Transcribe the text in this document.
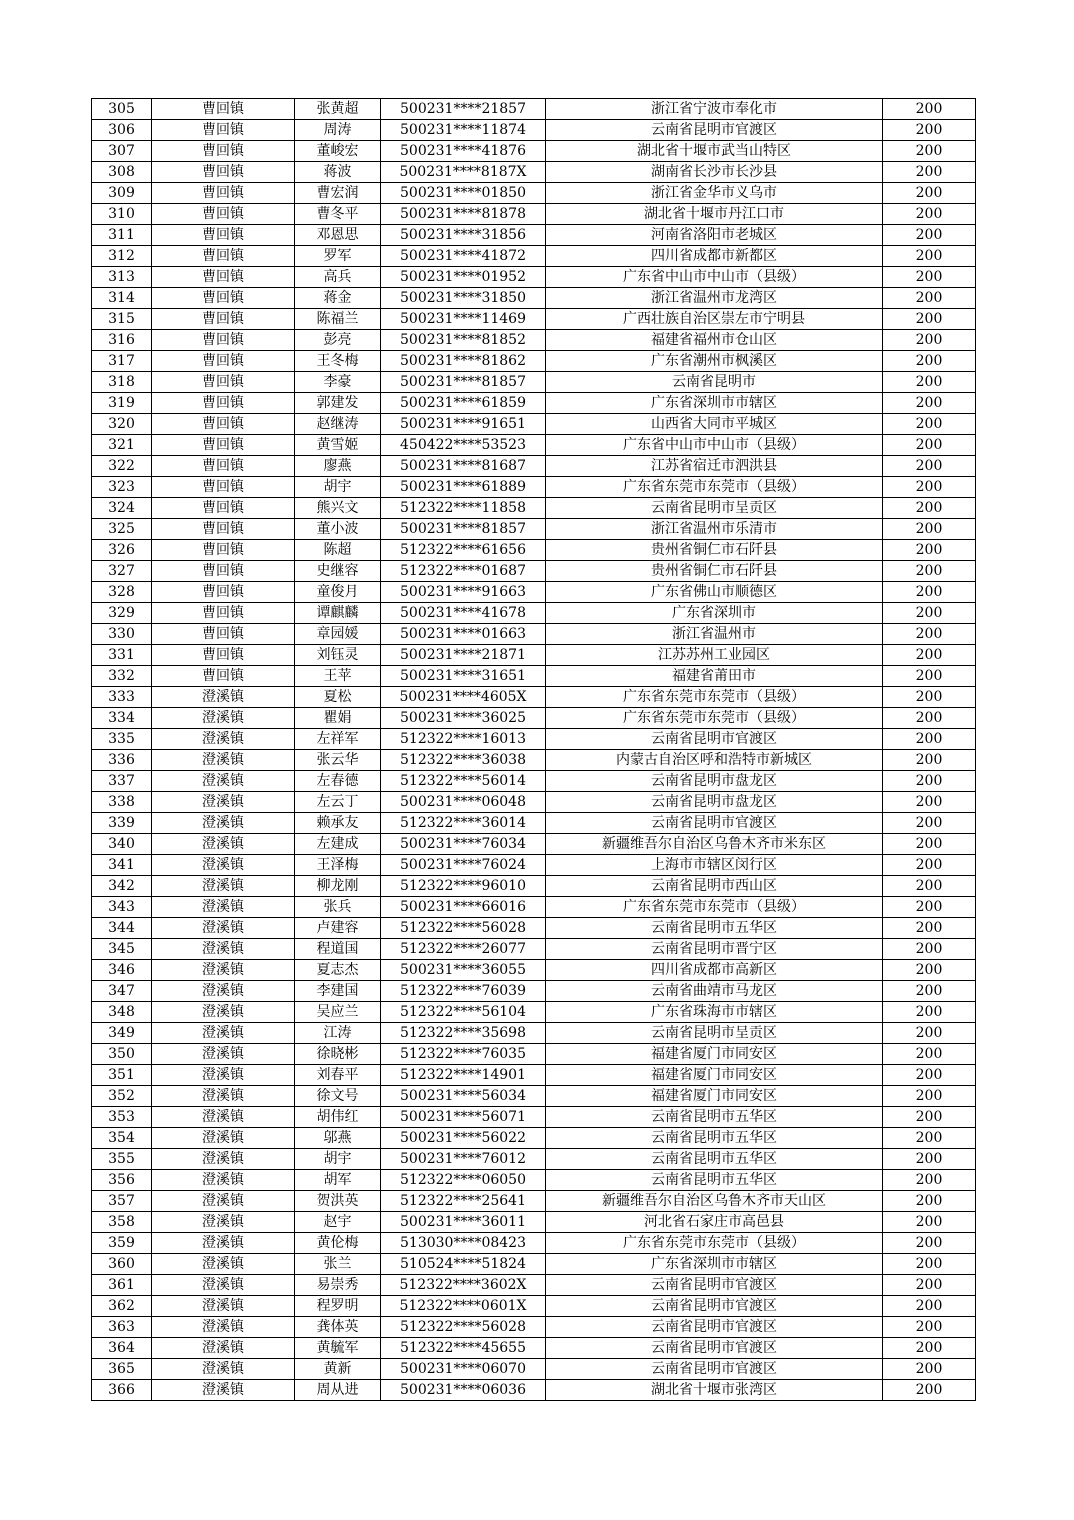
305	曹回镇	张黄超	500231****21857	浙江省宁波市奉化市	200
306	曹回镇	周涛	500231****11874	云南省昆明市官渡区	200
307	曹回镇	董峻宏	500231****41876	湖北省十堰市武当山特区	200
308	曹回镇	蒋波	500231****8187X	湖南省长沙市长沙县	200
309	曹回镇	曹宏润	500231****01850	浙江省金华市义乌市	200
310	曹回镇	曹冬平	500231****81878	湖北省十堰市丹江口市	200
311	曹回镇	邓恩思	500231****31856	河南省洛阳市老城区	200
312	曹回镇	罗军	500231****41872	四川省成都市新都区	200
313	曹回镇	高兵	500231****01952	广东省中山市中山市（县级）	200
314	曹回镇	蒋金	500231****31850	浙江省温州市龙湾区	200
315	曹回镇	陈福兰	500231****11469	广西壮族自治区崇左市宁明县	200
316	曹回镇	彭亮	500231****81852	福建省福州市仓山区	200
317	曹回镇	王冬梅	500231****81862	广东省潮州市枫溪区	200
318	曹回镇	李豪	500231****81857	云南省昆明市	200
319	曹回镇	郭建发	500231****61859	广东省深圳市市辖区	200
320	曹回镇	赵继涛	500231****91651	山西省大同市平城区	200
321	曹回镇	黄雪姬	450422****53523	广东省中山市中山市（县级）	200
322	曹回镇	廖燕	500231****81687	江苏省宿迁市泗洪县	200
323	曹回镇	胡宇	500231****61889	广东省东莞市东莞市（县级）	200
324	曹回镇	熊兴文	512322****11858	云南省昆明市呈贡区	200
325	曹回镇	董小波	500231****81857	浙江省温州市乐清市	200
326	曹回镇	陈超	512322****61656	贵州省铜仁市石阡县	200
327	曹回镇	史继容	512322****01687	贵州省铜仁市石阡县	200
328	曹回镇	童俊月	500231****91663	广东省佛山市顺德区	200
329	曹回镇	谭麒麟	500231****41678	广东省深圳市	200
330	曹回镇	章园媛	500231****01663	浙江省温州市	200
331	曹回镇	刘钰灵	500231****21871	江苏苏州工业园区	200
332	曹回镇	王苹	500231****31651	福建省莆田市	200
333	澄溪镇	夏松	500231****4605X	广东省东莞市东莞市（县级）	200
334	澄溪镇	瞿娟	500231****36025	广东省东莞市东莞市（县级）	200
335	澄溪镇	左祥军	512322****16013	云南省昆明市官渡区	200
336	澄溪镇	张云华	512322****36038	内蒙古自治区呼和浩特市新城区	200
337	澄溪镇	左春德	512322****56014	云南省昆明市盘龙区	200
338	澄溪镇	左云丁	500231****06048	云南省昆明市盘龙区	200
339	澄溪镇	赖承友	512322****36014	云南省昆明市官渡区	200
340	澄溪镇	左建成	500231****76034	新疆维吾尔自治区乌鲁木齐市米东区	200
341	澄溪镇	王泽梅	500231****76024	上海市市辖区闵行区	200
342	澄溪镇	柳龙刚	512322****96010	云南省昆明市西山区	200
343	澄溪镇	张兵	500231****66016	广东省东莞市东莞市（县级）	200
344	澄溪镇	卢建容	512322****56028	云南省昆明市五华区	200
345	澄溪镇	程道国	512322****26077	云南省昆明市晋宁区	200
346	澄溪镇	夏志杰	500231****36055	四川省成都市高新区	200
347	澄溪镇	李建国	512322****76039	云南省曲靖市马龙区	200
348	澄溪镇	吴应兰	512322****56104	广东省珠海市市辖区	200
349	澄溪镇	江涛	512322****35698	云南省昆明市呈贡区	200
350	澄溪镇	徐晓彬	512322****76035	福建省厦门市同安区	200
351	澄溪镇	刘春平	512322****14901	福建省厦门市同安区	200
352	澄溪镇	徐文号	500231****56034	福建省厦门市同安区	200
353	澄溪镇	胡伟红	500231****56071	云南省昆明市五华区	200
354	澄溪镇	邬燕	500231****56022	云南省昆明市五华区	200
355	澄溪镇	胡宇	500231****76012	云南省昆明市五华区	200
356	澄溪镇	胡军	512322****06050	云南省昆明市五华区	200
357	澄溪镇	贺洪英	512322****25641	新疆维吾尔自治区乌鲁木齐市天山区	200
358	澄溪镇	赵宇	500231****36011	河北省石家庄市高邑县	200
359	澄溪镇	黄伦梅	513030****08423	广东省东莞市东莞市（县级）	200
360	澄溪镇	张兰	510524****51824	广东省深圳市市辖区	200
361	澄溪镇	易崇秀	512322****3602X	云南省昆明市官渡区	200
362	澄溪镇	程罗明	512322****0601X	云南省昆明市官渡区	200
363	澄溪镇	龚体英	512322****56028	云南省昆明市官渡区	200
364	澄溪镇	黄毓军	512322****45655	云南省昆明市官渡区	200
365	澄溪镇	黄新	500231****06070	云南省昆明市官渡区	200
366	澄溪镇	周从进	500231****06036	湖北省十堰市张湾区	200
